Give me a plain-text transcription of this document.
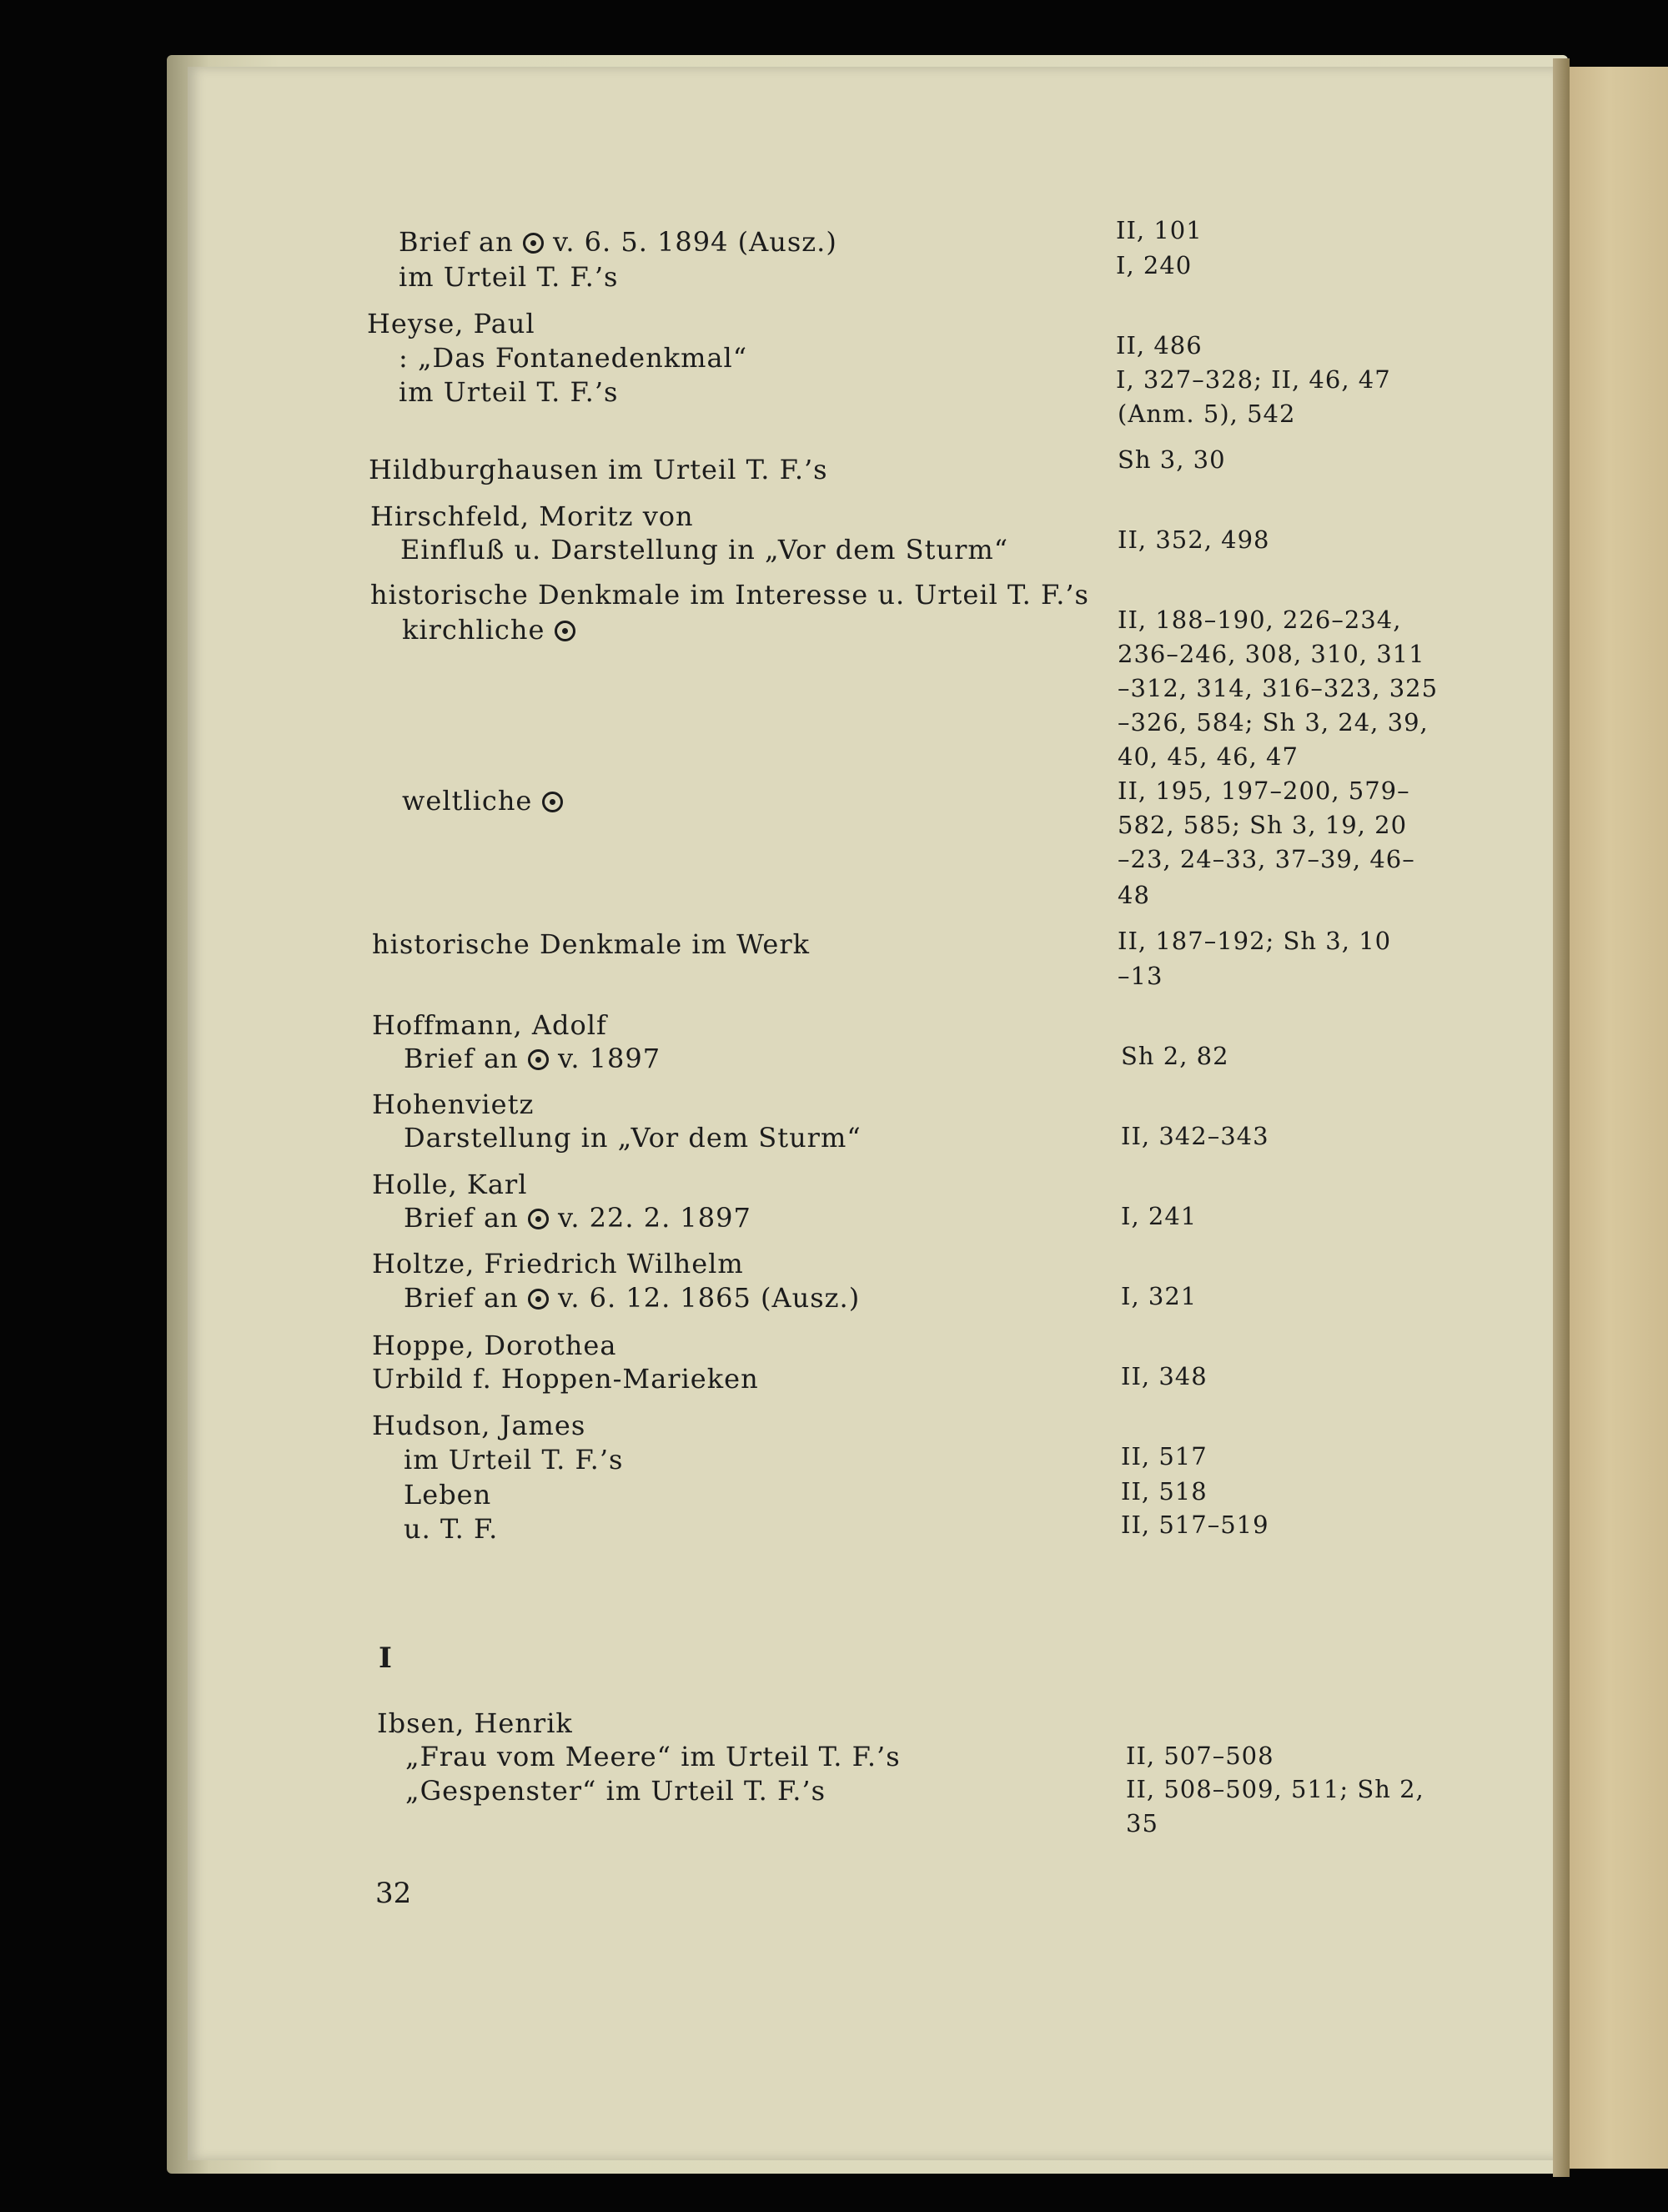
Brief an  v. 6. 5. 1894 (Ausz.)
im Urteil T. F.’s
Heyse, Paul
: „Das Fontanedenkmal“
im Urteil T. F.’s
Hildburghausen im Urteil T. F.’s
Hirschfeld, Moritz von
Einfluß u. Darstellung in „Vor dem Sturm“
historische Denkmale im Interesse u. Urteil T. F.’s
kirchliche
weltliche
historische Denkmale im Werk
Hoffmann, Adolf
Brief an  v. 1897
Hohenvietz
Darstellung in „Vor dem Sturm“
Holle, Karl
Brief an  v. 22. 2. 1897
Holtze, Friedrich Wilhelm
Brief an  v. 6. 12. 1865 (Ausz.)
Hoppe, Dorothea
Urbild f. Hoppen-Marieken
Hudson, James
im Urteil T. F.’s
Leben
u. T. F.
I
Ibsen, Henrik
„Frau vom Meere“ im Urteil T. F.’s
„Gespenster“ im Urteil T. F.’s
II, 101
I, 240
II, 486
I, 327–328; II, 46, 47
(Anm. 5), 542
Sh 3, 30
II, 352, 498
II, 188–190, 226–234,
236–246, 308, 310, 311
–312, 314, 316–323, 325
–326, 584; Sh 3, 24, 39,
40, 45, 46, 47
II, 195, 197–200, 579–
582, 585; Sh 3, 19, 20
–23, 24–33, 37–39, 46–
48
II, 187–192; Sh 3, 10
–13
Sh 2, 82
II, 342–343
I, 241
I, 321
II, 348
II, 517
II, 518
II, 517–519
II, 507–508
II, 508–509, 511; Sh 2,
35
32
